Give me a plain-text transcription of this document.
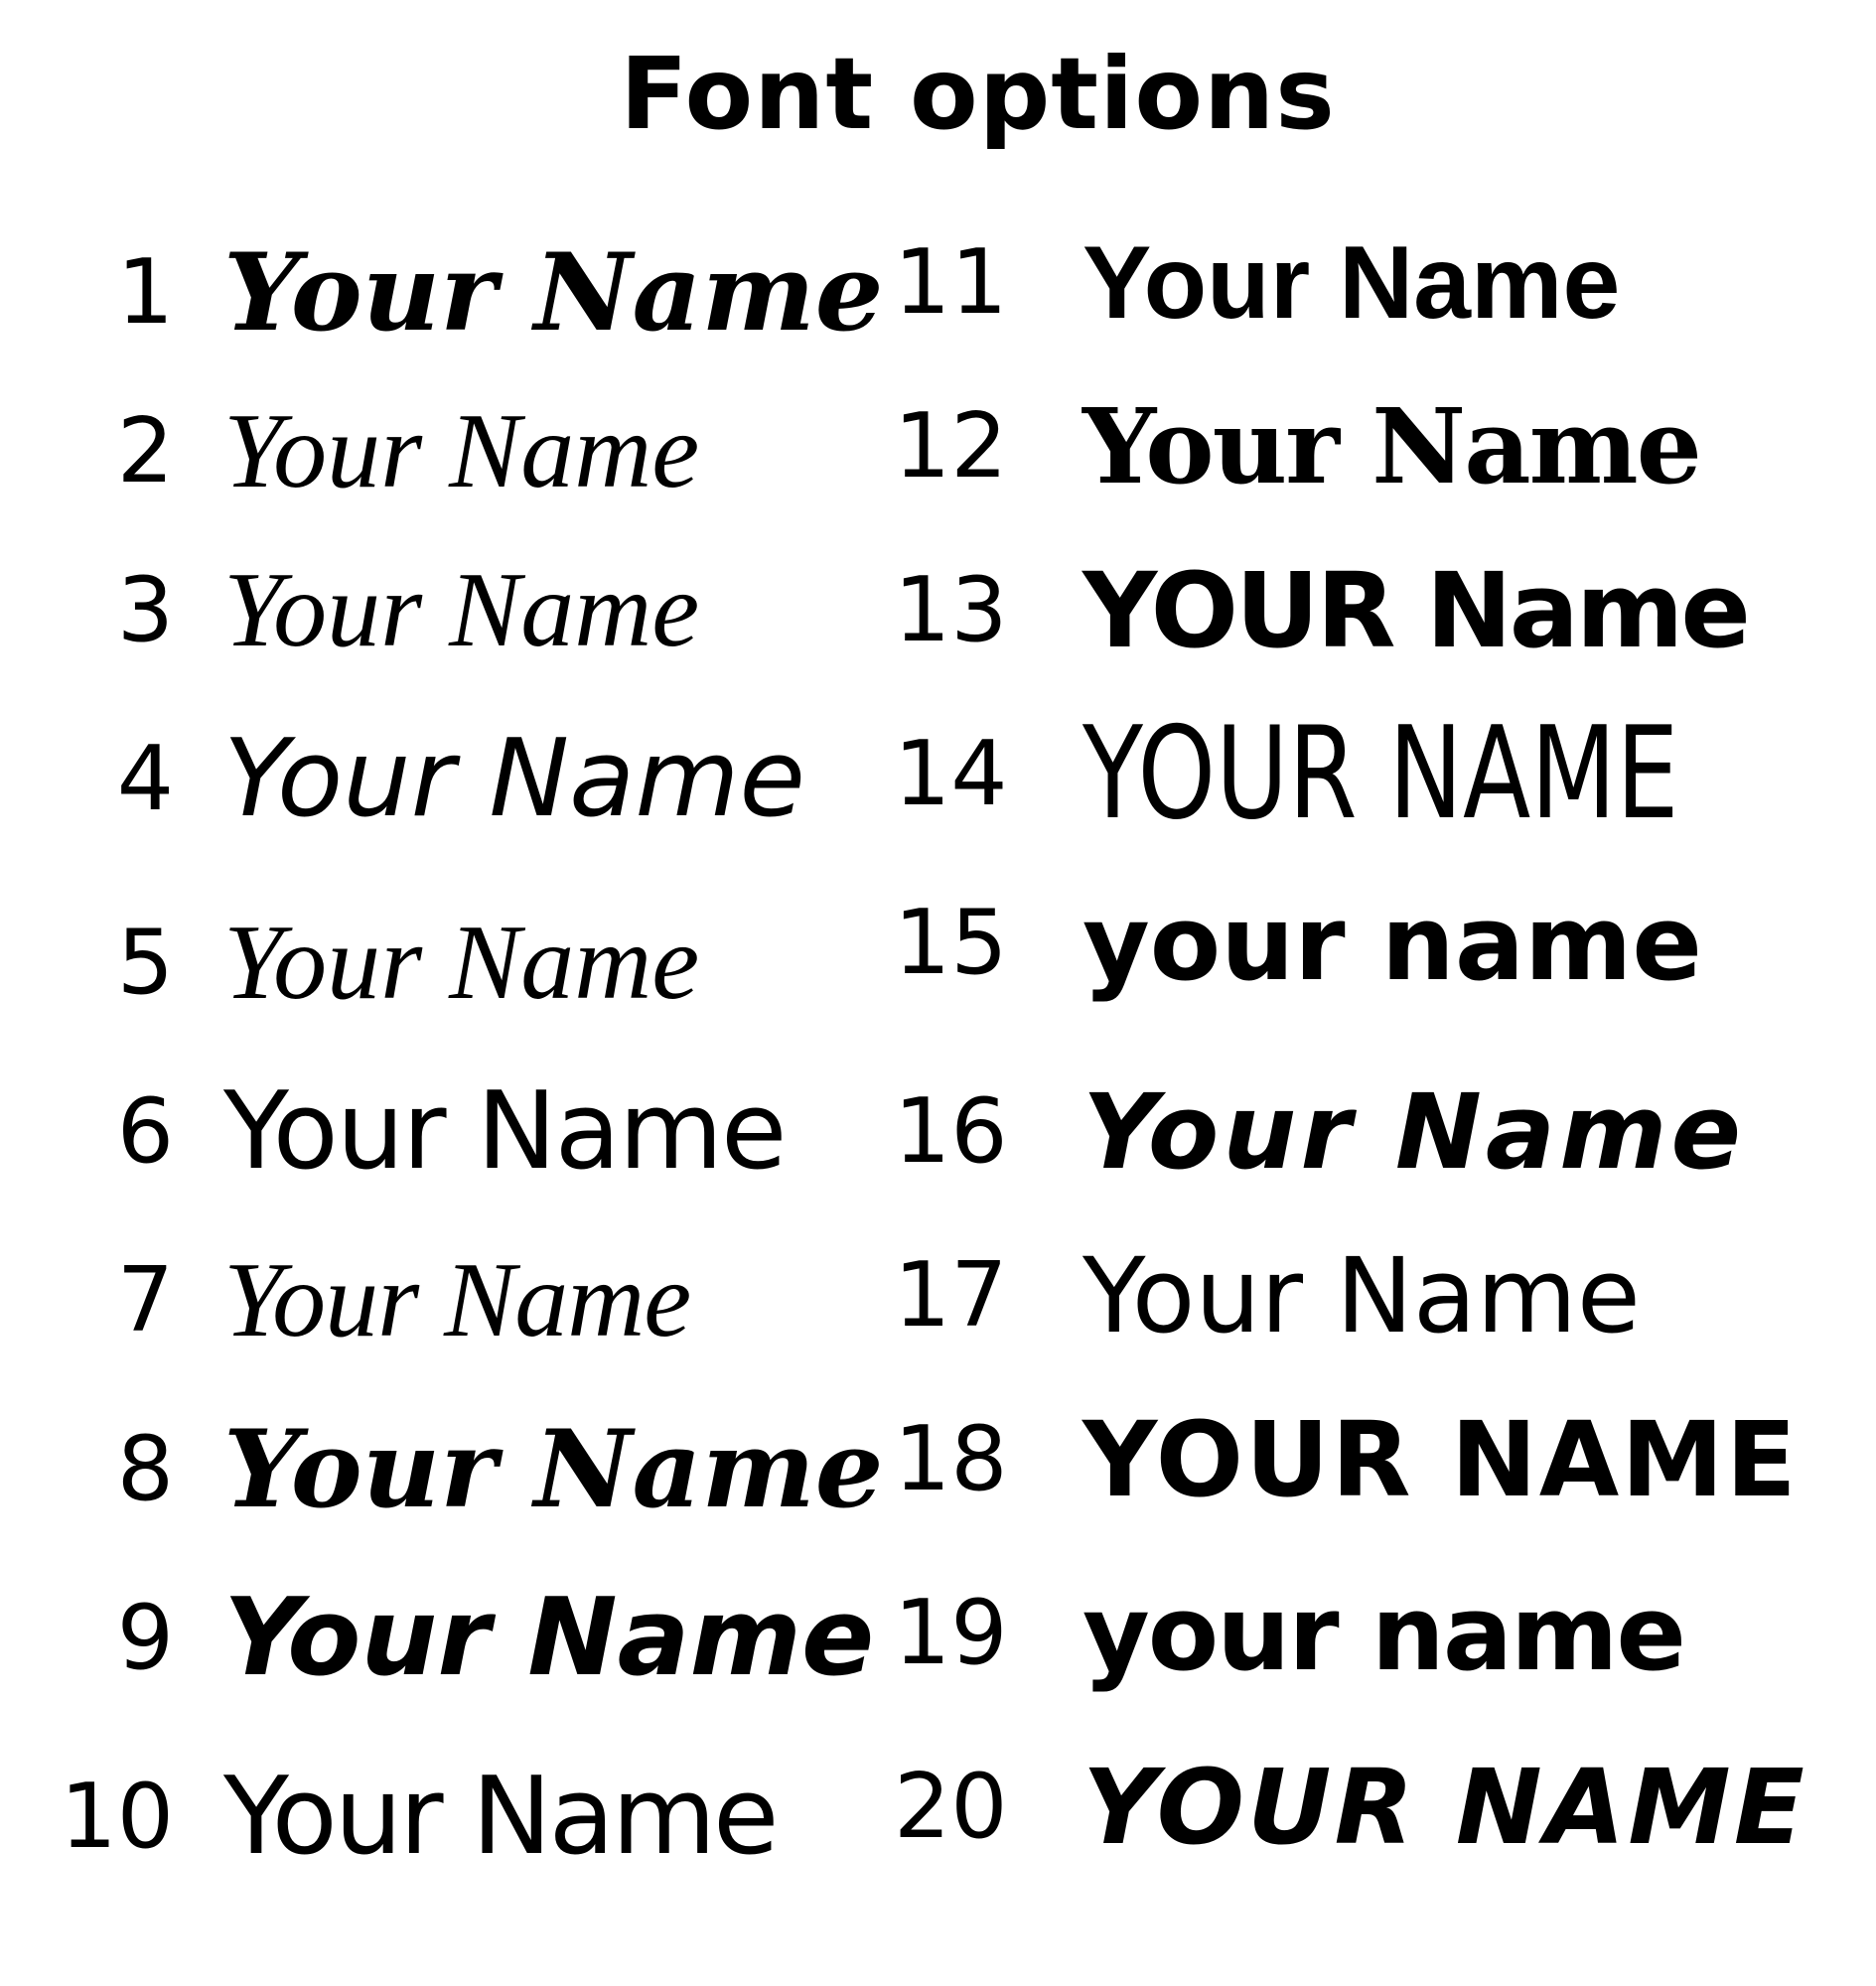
Font options
1 Your Name
2 Your Name
3 Your Name
4 Your Name
5 Your Name
6 Your Name
7 Your Name
8 Your Name
9 Your Name
10 Your Name
11 Your Name
12 Your Name
13 YOUR Name
14 YOUR NAME
15 your name
16 Your Name
17 Your Name
18 YOUR NAME
19 your name
20 YOUR NAME
